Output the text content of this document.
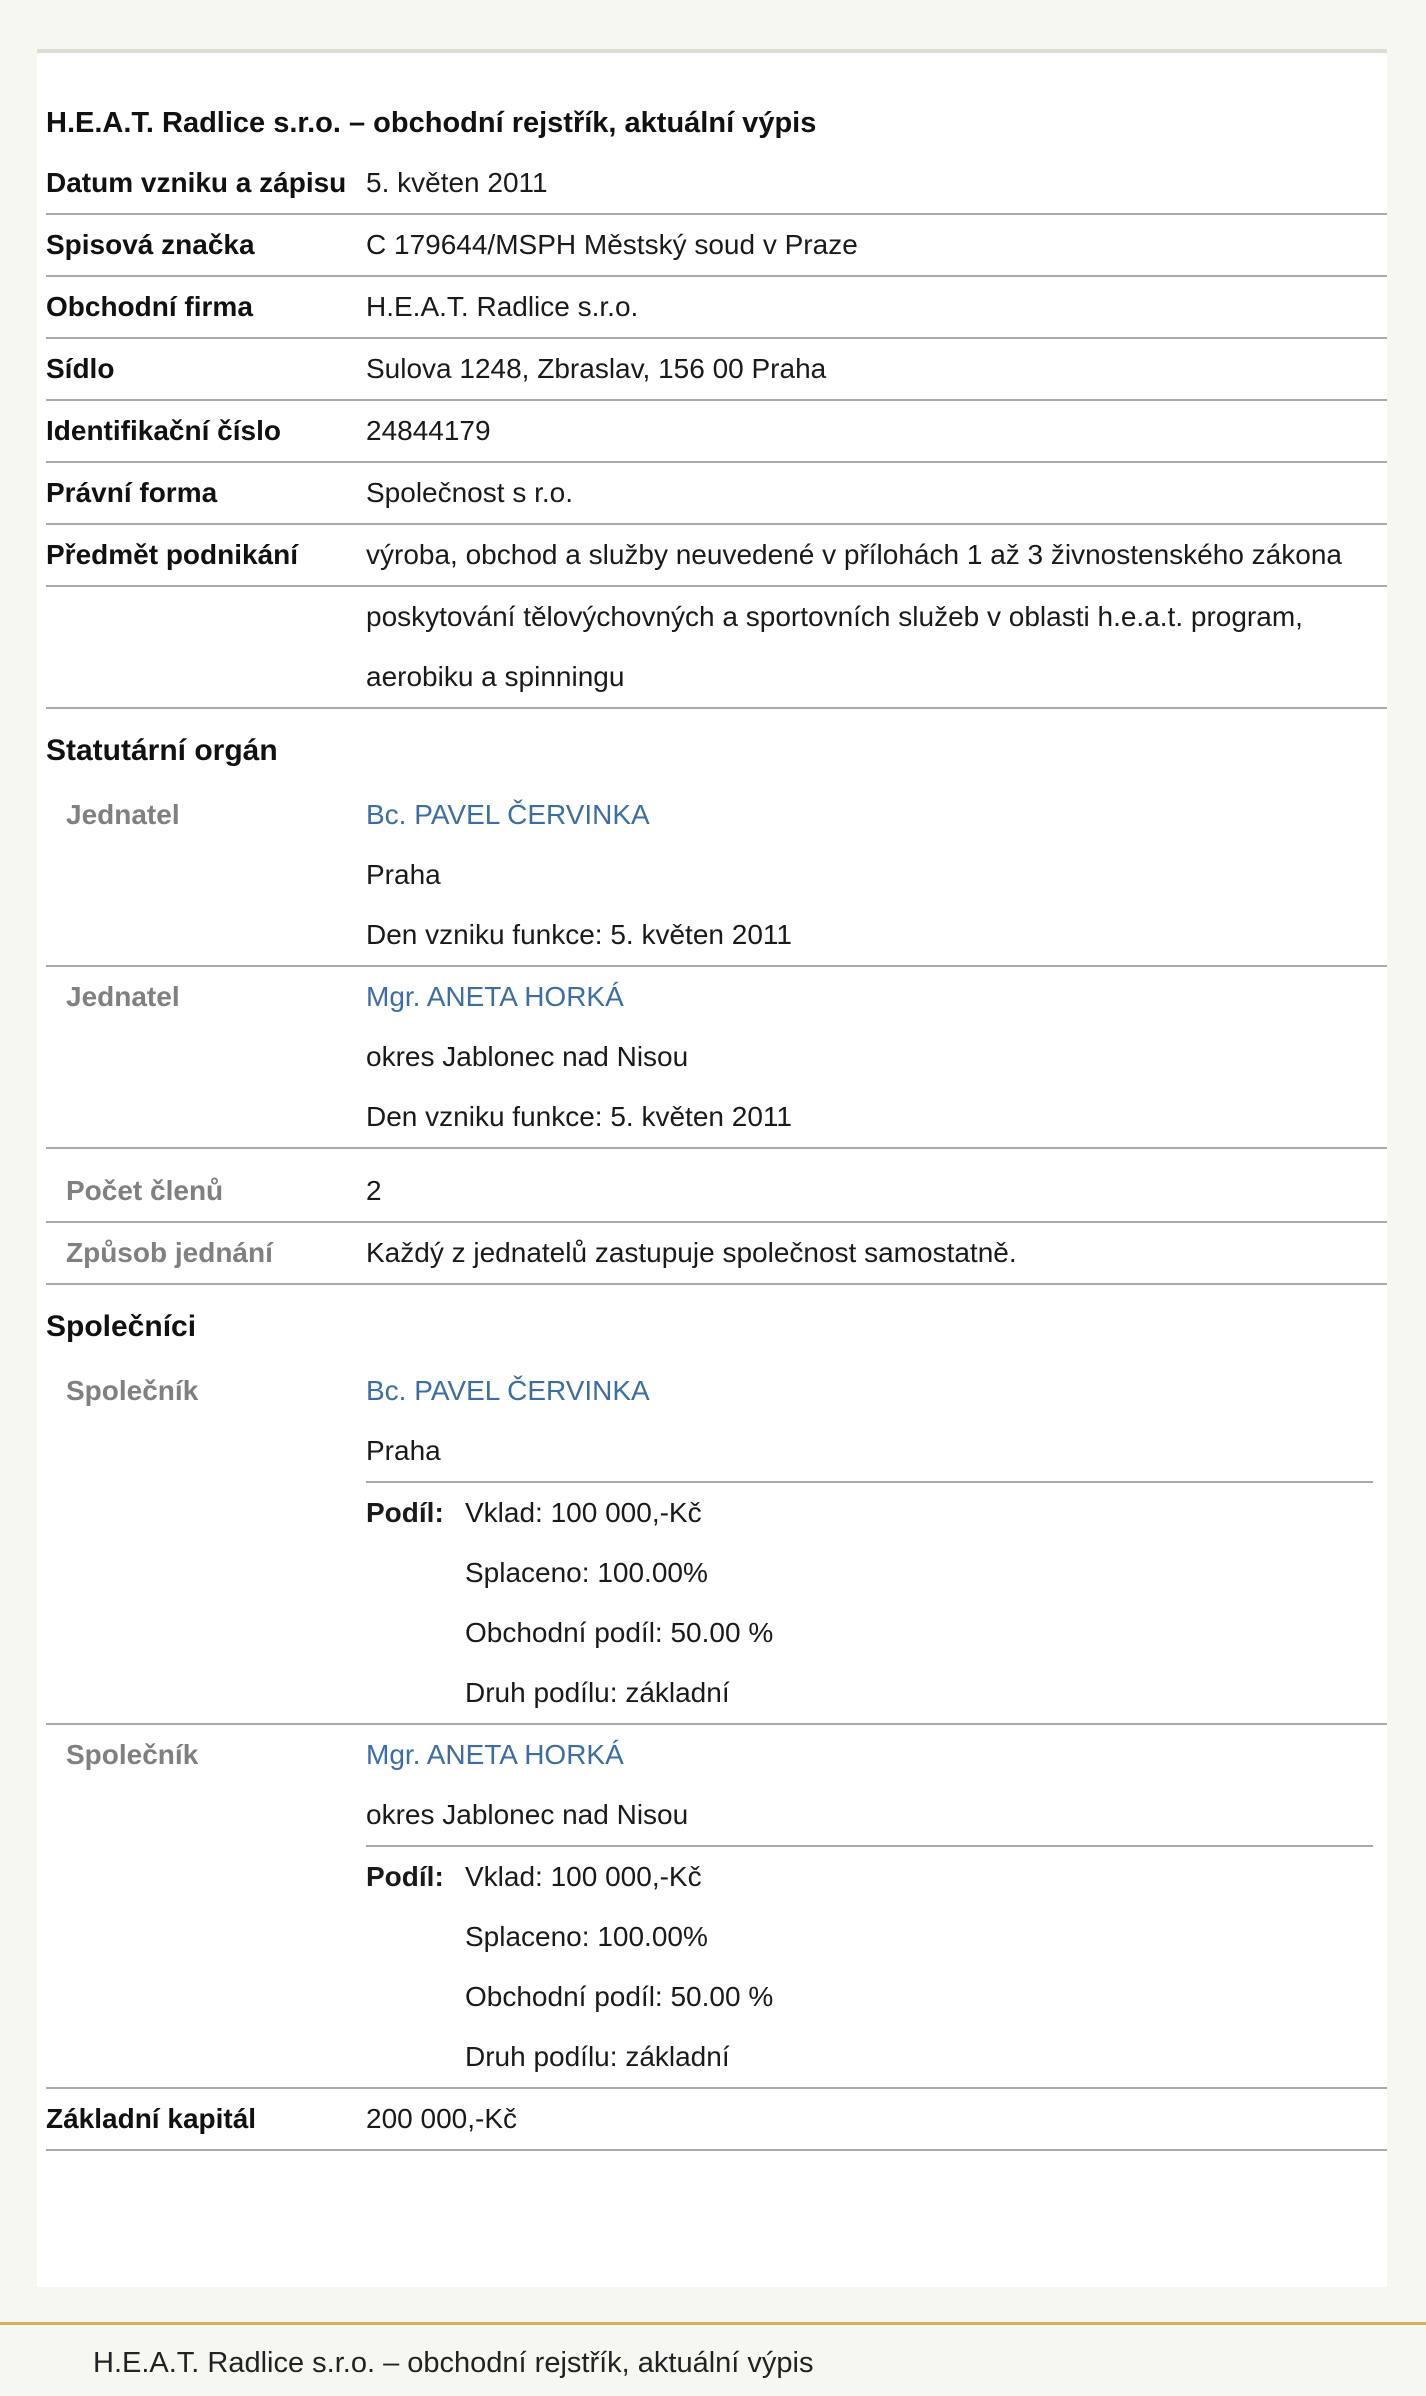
H.E.A.T. Radlice s.r.o. – obchodní rejstřík, aktuální výpis
Datum vzniku a zápisu 5. květen 2011
Spisová značka	C 179644/MSPH Městský soud v Praze
Obchodní firma	H.E.A.T. Radlice s.r.o.
Sídlo	Sulova 1248, Zbraslav, 156 00 Praha
Identifikační číslo	24844179
Právní forma	Společnost s r.o.
Předmět podnikání	výroba, obchod a služby neuvedené v přílohách 1 až 3 živnostenského zákona
poskytování tělovýchovných a sportovních služeb v oblasti h.e.a.t. program, aerobiku a spinningu
Statutární orgán
Jednatel	Bc. PAVEL ČERVINKA
Praha
Den vzniku funkce: 5. květen 2011
Jednatel	Mgr. ANETA HORKÁ
okres Jablonec nad Nisou
Den vzniku funkce: 5. květen 2011
Počet členů	2
Způsob jednání	Každý z jednatelů zastupuje společnost samostatně.
Společníci
Společník	Bc. PAVEL ČERVINKA
Praha
Podíl: Vklad: 100 000,-Kč
Splaceno: 100.00%
Obchodní podíl: 50.00 %
Druh podílu: základní
Společník	Mgr. ANETA HORKÁ
okres Jablonec nad Nisou
Podíl: Vklad: 100 000,-Kč
Splaceno: 100.00%
Obchodní podíl: 50.00 %
Druh podílu: základní
Základní kapitál	200 000,-Kč
H.E.A.T. Radlice s.r.o. – obchodní rejstřík, aktuální výpis
